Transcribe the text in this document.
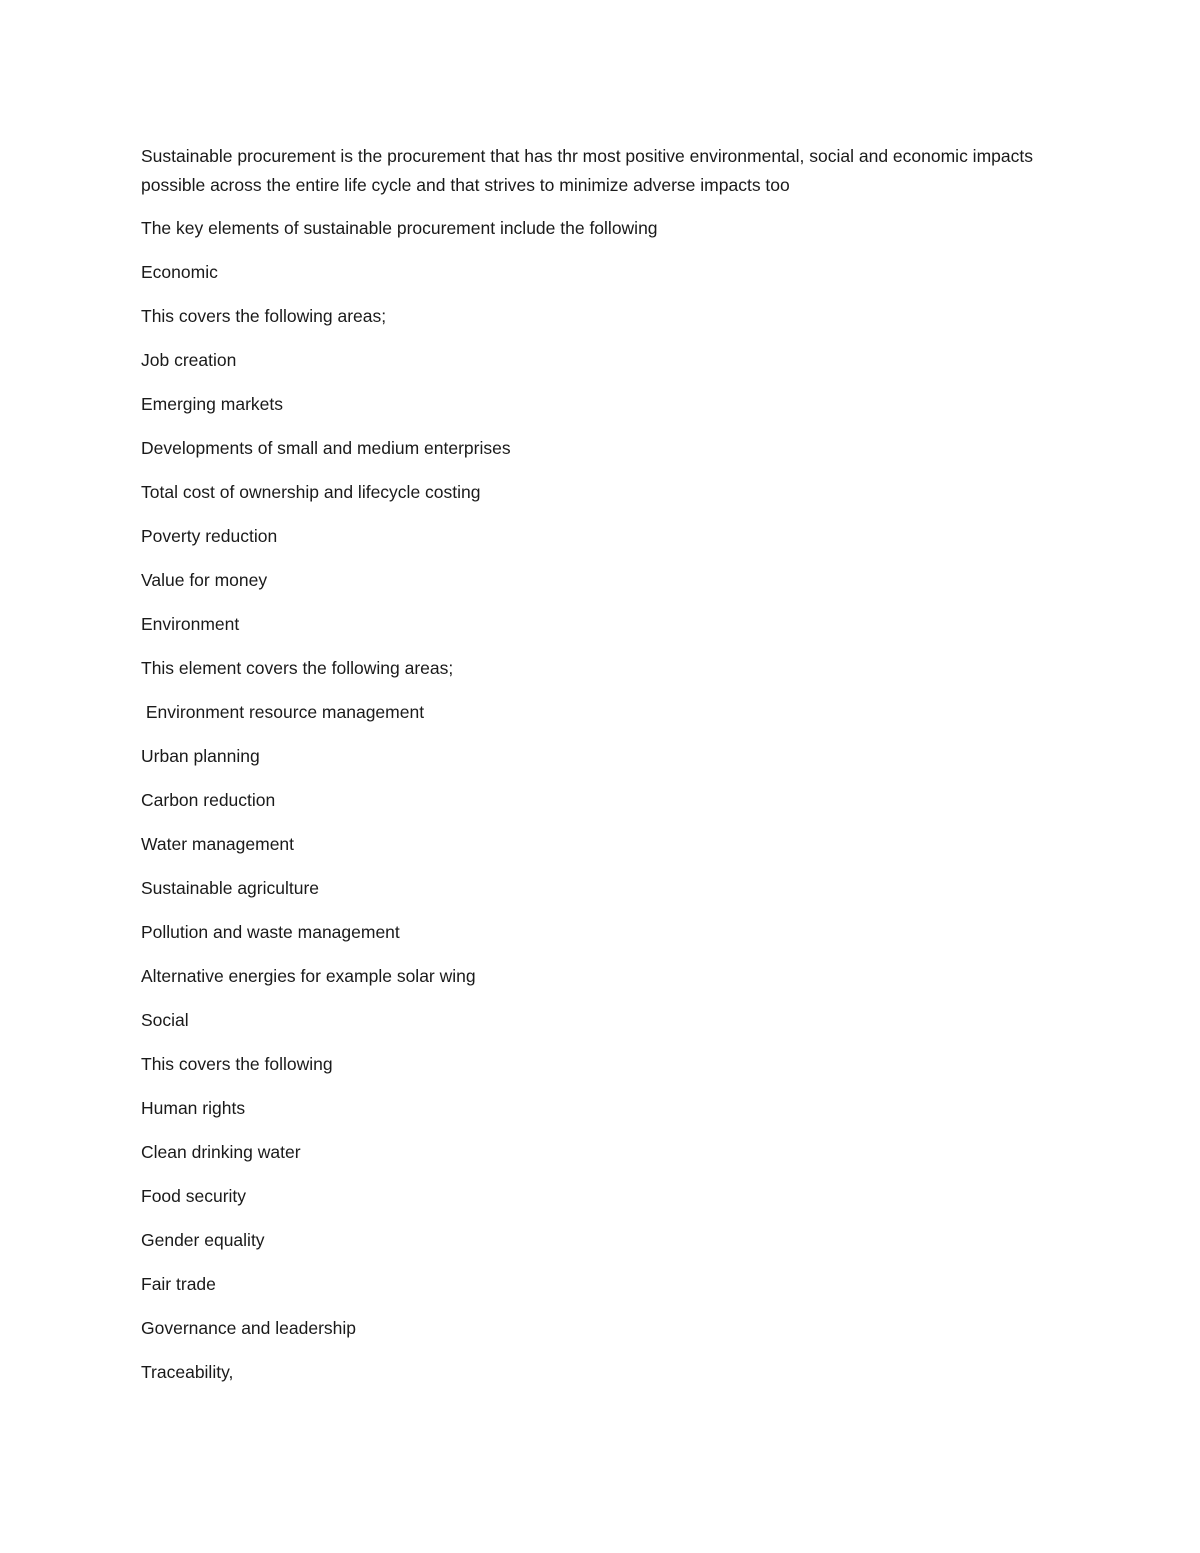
Sustainable procurement is the procurement that has thr most positive environmental, social and economic impacts possible across the entire life cycle and that strives to minimize adverse impacts too

The key elements of sustainable procurement include the following

Economic

This covers the following areas;

Job creation

Emerging markets

Developments of small and medium enterprises

Total cost of ownership and lifecycle costing

Poverty reduction

Value for money

Environment

This element covers the following areas;

Environment resource management

Urban planning

Carbon reduction

Water management

Sustainable agriculture

Pollution and waste management

Alternative energies for example solar wing

Social

This covers the following

Human rights

Clean drinking water

Food security

Gender equality

Fair trade

Governance and leadership

Traceability,
